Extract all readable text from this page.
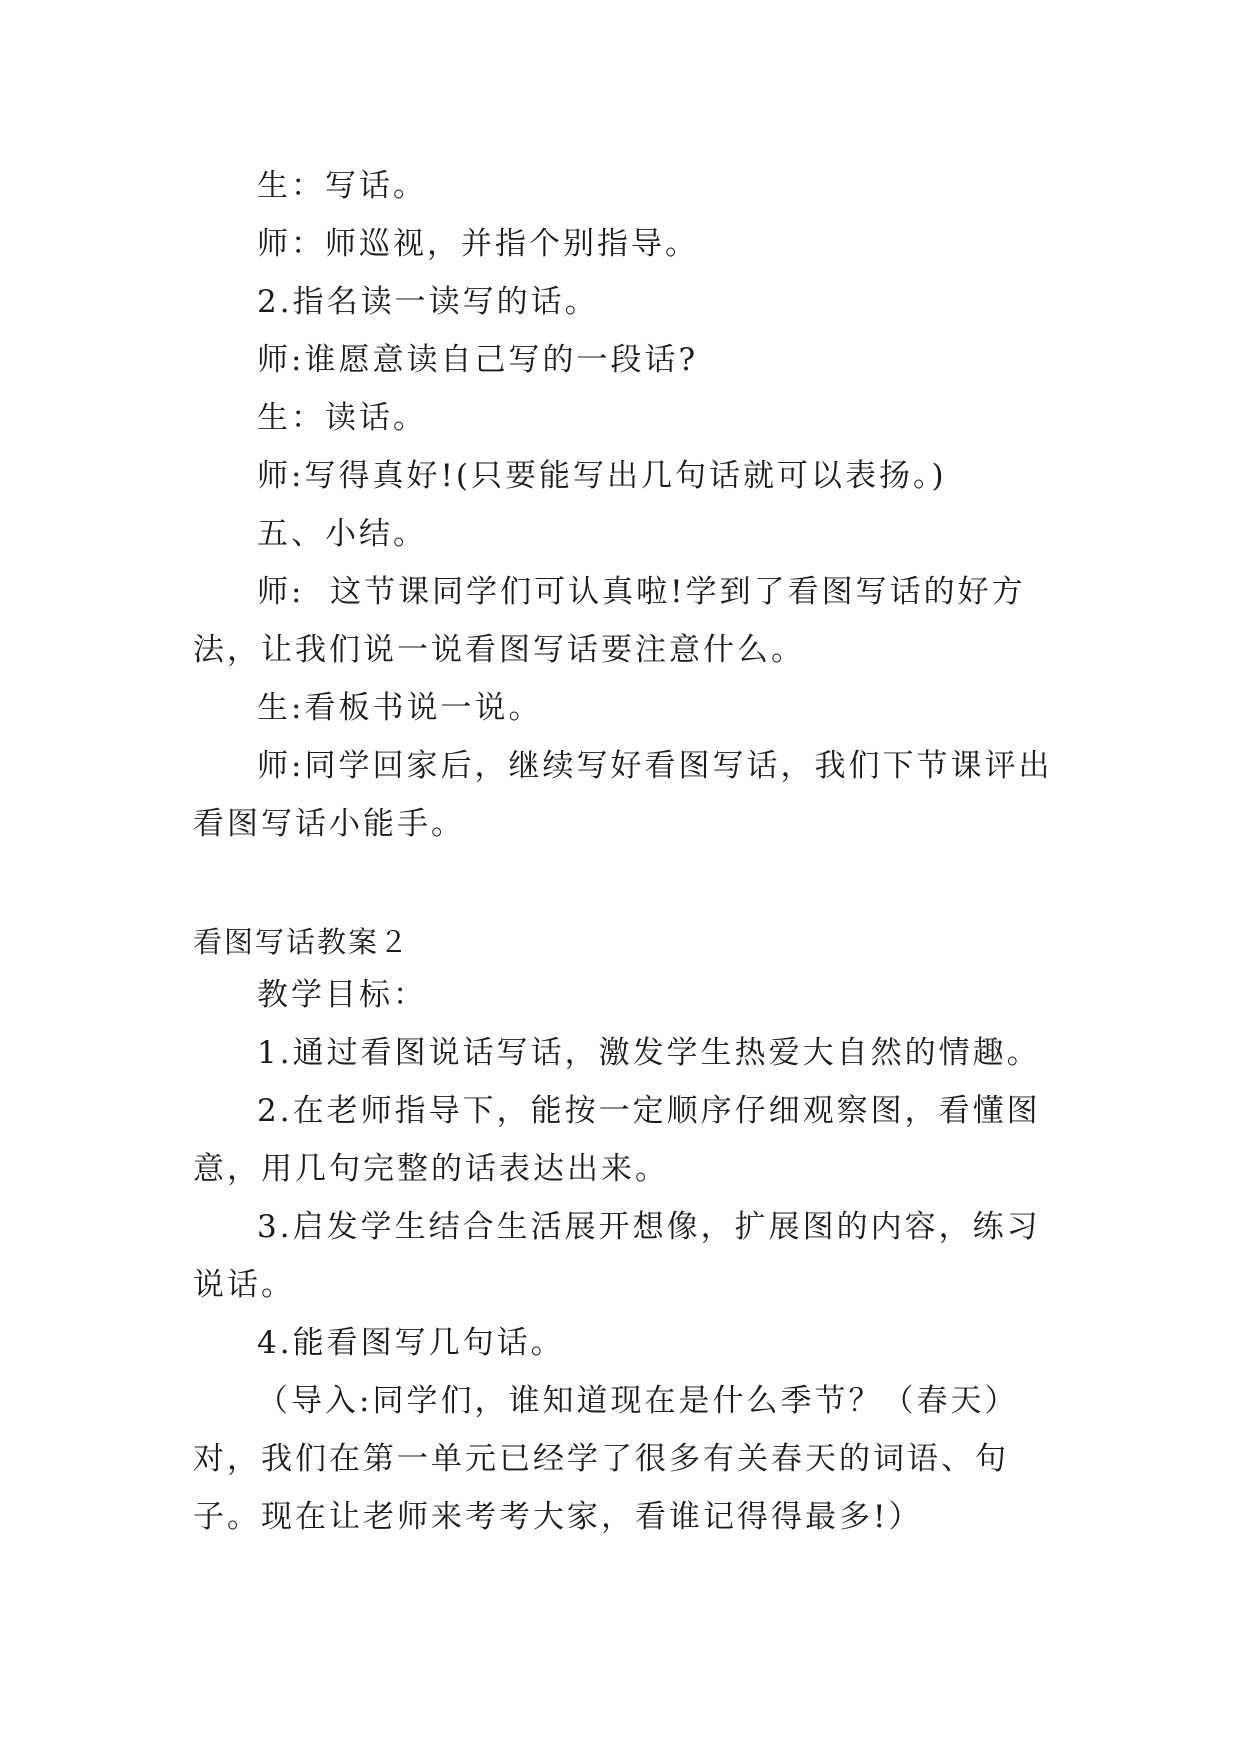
生：写话。

师：师巡视，并指个别指导。

2.指名读一读写的话。

师:谁愿意读自己写的一段话?

生：读话。

师:写得真好!(只要能写出几句话就可以表扬。)

五、小结。

师:  这节课同学们可认真啦!学到了看图写话的好方法，让我们说一说看图写话要注意什么。

生:看板书说一说。

师:同学回家后，继续写好看图写话，我们下节课评出看图写话小能手。

看图写话教案２

教学目标：

1.通过看图说话写话，激发学生热爱大自然的情趣。

2.在老师指导下，能按一定顺序仔细观察图，看懂图意，用几句完整的话表达出来。

3.启发学生结合生活展开想像，扩展图的内容，练习说话。

4.能看图写几句话。

（导入:同学们，谁知道现在是什么季节？（春天）对，我们在第一单元已经学了很多有关春天的词语、句子。现在让老师来考考大家，看谁记得得最多!）
